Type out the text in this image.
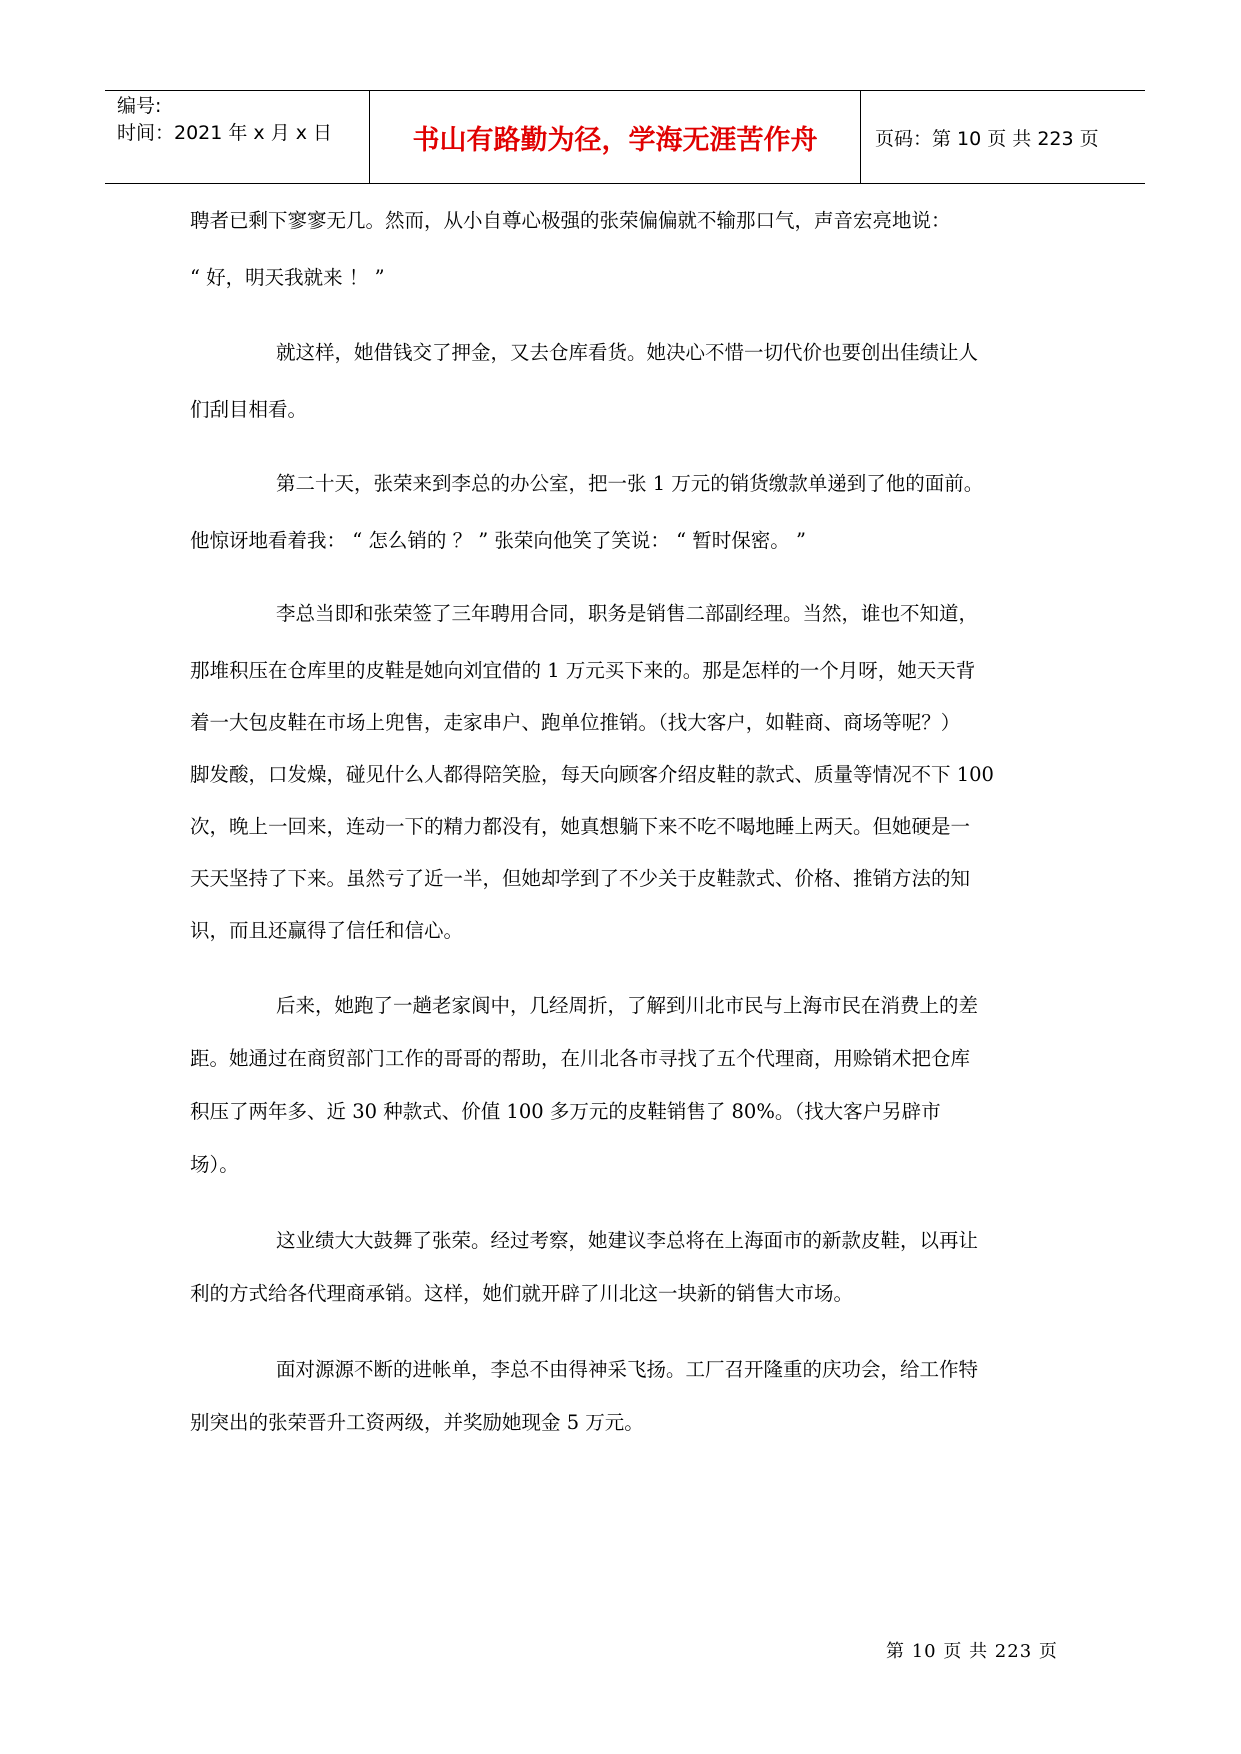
编号:
时间：2021 年 x 月 x 日	书山有路勤为径，学海无涯苦作舟	页码：第 10 页 共 223 页
聘者已剩下寥寥无几。然而，从小自尊心极强的张荣偏偏就不输那口气，声音宏亮地说：
“ 好，明天我就来 ！ ”
就这样，她借钱交了押金，又去仓库看货。她决心不惜一切代价也要创出佳绩让人
们刮目相看。
第二十天，张荣来到李总的办公室，把一张 1 万元的销货缴款单递到了他的面前。
他惊讶地看着我： “ 怎么销的 ？ ” 张荣向他笑了笑说： “ 暂时保密。 ”
李总当即和张荣签了三年聘用合同，职务是销售二部副经理。当然，谁也不知道，
那堆积压在仓库里的皮鞋是她向刘宜借的 1 万元买下来的。那是怎样的一个月呀，她天天背
着一大包皮鞋在市场上兜售，走家串户、跑单位推销。（找大客户，如鞋商、商场等呢？）
脚发酸，口发燥，碰见什么人都得陪笑脸，每天向顾客介绍皮鞋的款式、质量等情况不下 100
次，晚上一回来，连动一下的精力都没有，她真想躺下来不吃不喝地睡上两天。但她硬是一
天天坚持了下来。虽然亏了近一半，但她却学到了不少关于皮鞋款式、价格、推销方法的知
识，而且还赢得了信任和信心。
后来，她跑了一趟老家阆中，几经周折，了解到川北市民与上海市民在消费上的差
距。她通过在商贸部门工作的哥哥的帮助，在川北各市寻找了五个代理商，用赊销术把仓库
积压了两年多、近 30 种款式、价值 100 多万元的皮鞋销售了 80%。（找大客户另辟市
场）。
这业绩大大鼓舞了张荣。经过考察，她建议李总将在上海面市的新款皮鞋，以再让
利的方式给各代理商承销。这样，她们就开辟了川北这一块新的销售大市场。
面对源源不断的进帐单，李总不由得神采飞扬。工厂召开隆重的庆功会，给工作特
别突出的张荣晋升工资两级，并奖励她现金 5 万元。
第 10 页 共 223 页
